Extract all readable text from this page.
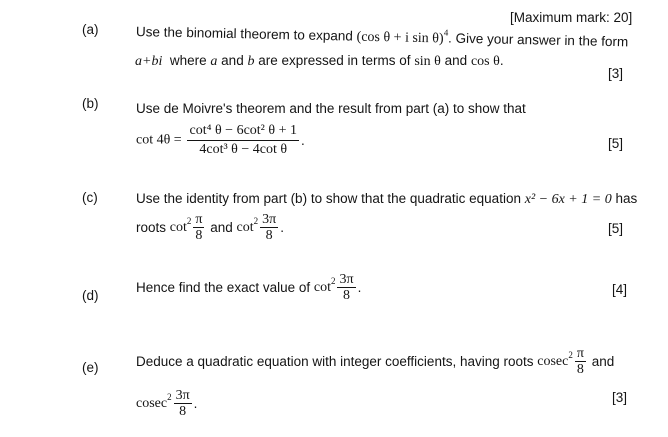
[Maximum mark: 20]
(a)	Use the binomial theorem to expand (cos θ + i sin θ)$^4$. Give your answer in the form
a+bi where a and b are expressed in terms of sin θ and cos θ.
[3]
(b)	Use de Moivre's theorem and the result from part (a) to show that
$\cot 4\theta = \frac{\text{cot⁴ θ − 6cot² θ + 1}}{\text{4cot³ θ − 4cot θ}}$ .	[5]
(c)	Use the identity from part (b) to show that the quadratic equation x² − 6x + 1 = 0 has
roots $\cot^2 \frac{\pi}{8}$ and $\cot^2 \frac{3\pi}{8}$ .	[5]
(d)
Hence find the exact value of $\cot^2 \frac{3\pi}{8}$ .	[4]
(e)	Deduce a quadratic equation with integer coefficients, having roots $cosec^2 \frac{\pi}{8}$ and
$cosec^2 \frac{3\pi}{8}$ .	[3]
